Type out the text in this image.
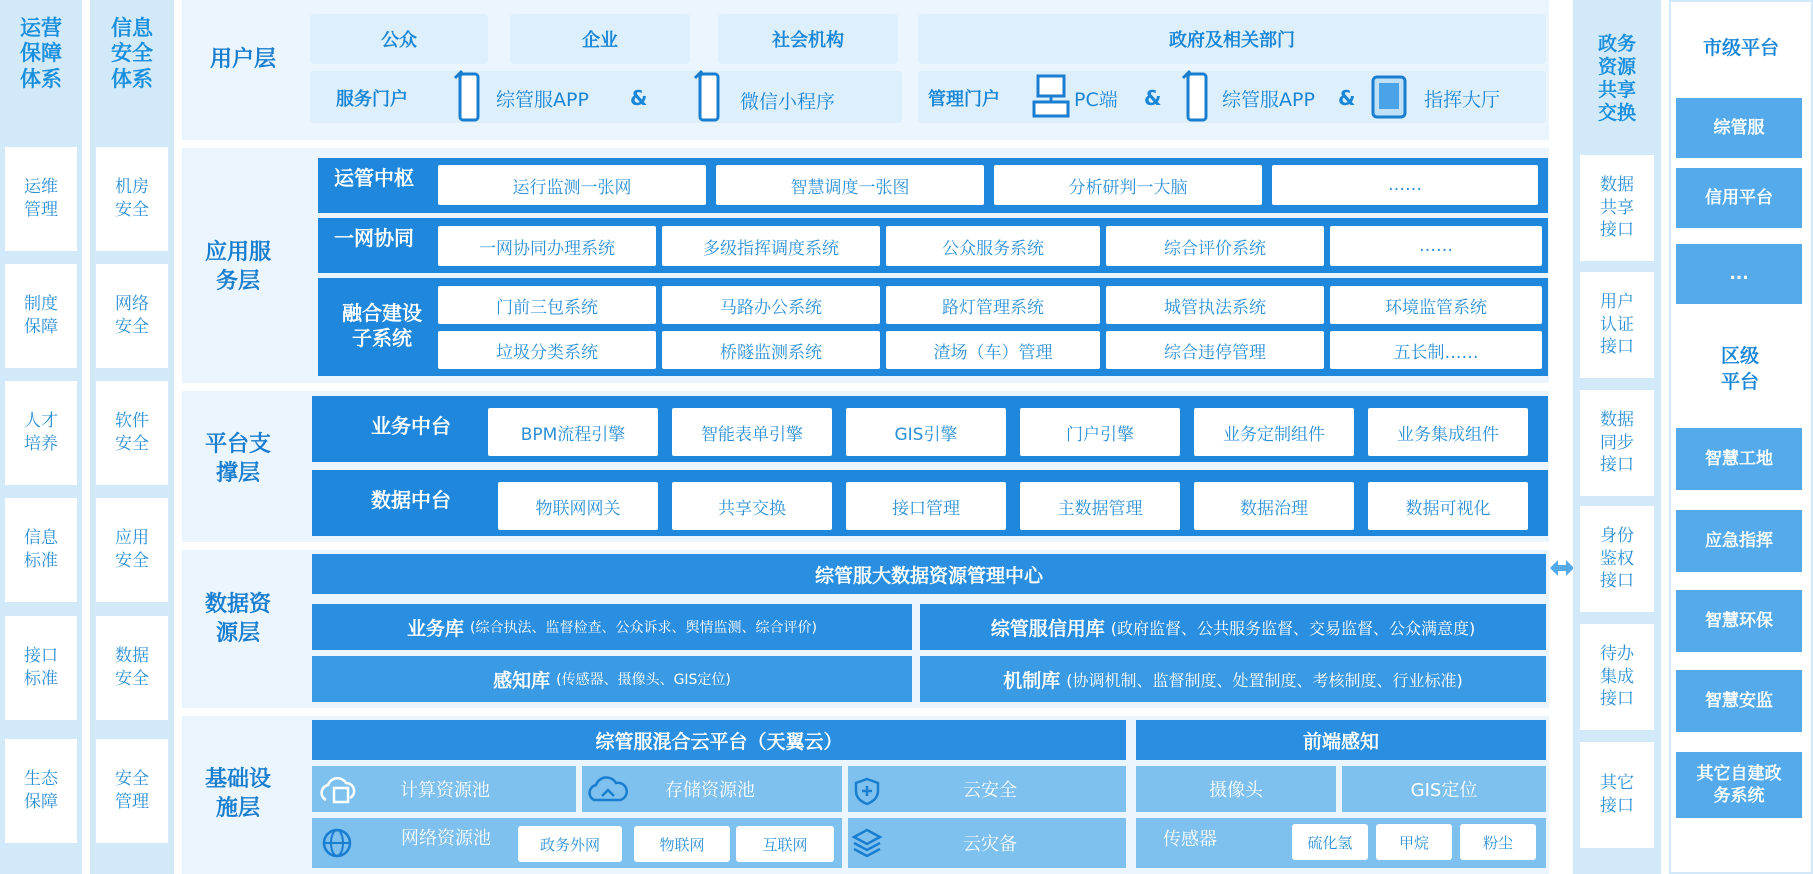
运营保障体系
运维管理
制度保障
人才培养
信息标准
接口标准
生态保障
信息安全体系
机房安全
网络安全
软件安全
应用安全
数据安全
安全管理
用户层
应用服务层
平台支撑层
数据资源层
基础设施层
公众	企业	社会机构	政府及相关部门
服务门户	综管服APP &	微信小程序	管理门户	PC端 &	综管服APP &	指挥大厅
运管中枢	运行监测一张网	智慧调度一张图	分析研判一大脑	……
一网协同	一网协同办理系统	多级指挥调度系统	公众服务系统	综合评价系统	……
融合建设子系统
门前三包系统	马路办公系统	路灯管理系统	城管执法系统	环境监管系统
垃圾分类系统	桥隧监测系统	渣场（车）管理	综合违停管理	五长制……
业务中台	BPM流程引擎	智能表单引擎	GIS引擎	门户引擎	业务定制组件	业务集成组件
数据中台	物联网网关	共享交换	接口管理	主数据管理	数据治理	数据可视化
综管服大数据资源管理中心
业务库 (综合执法、监督检查、公众诉求、舆情监测、综合评价)	综管服信用库 (政府监督、公共服务监督、交易监督、公众满意度)
感知库 (传感器、摄像头、GIS定位)	机制库 (协调机制、监督制度、处置制度、考核制度、行业标准)
综管服混合云平台（天翼云）	前端感知
计算资源池	存储资源池	云安全
网络资源池	政务外网	物联网	互联网	云灾备
摄像头	GIS定位
传感器	硫化氢	甲烷	粉尘
政务资源共享交换
数据共享接口
用户认证接口
数据同步接口
身份鉴权接口
待办集成接口
其它接口
市级平台
综管服
信用平台
...
区级平台
智慧工地
应急指挥
智慧环保
智慧安监
其它自建政务系统
